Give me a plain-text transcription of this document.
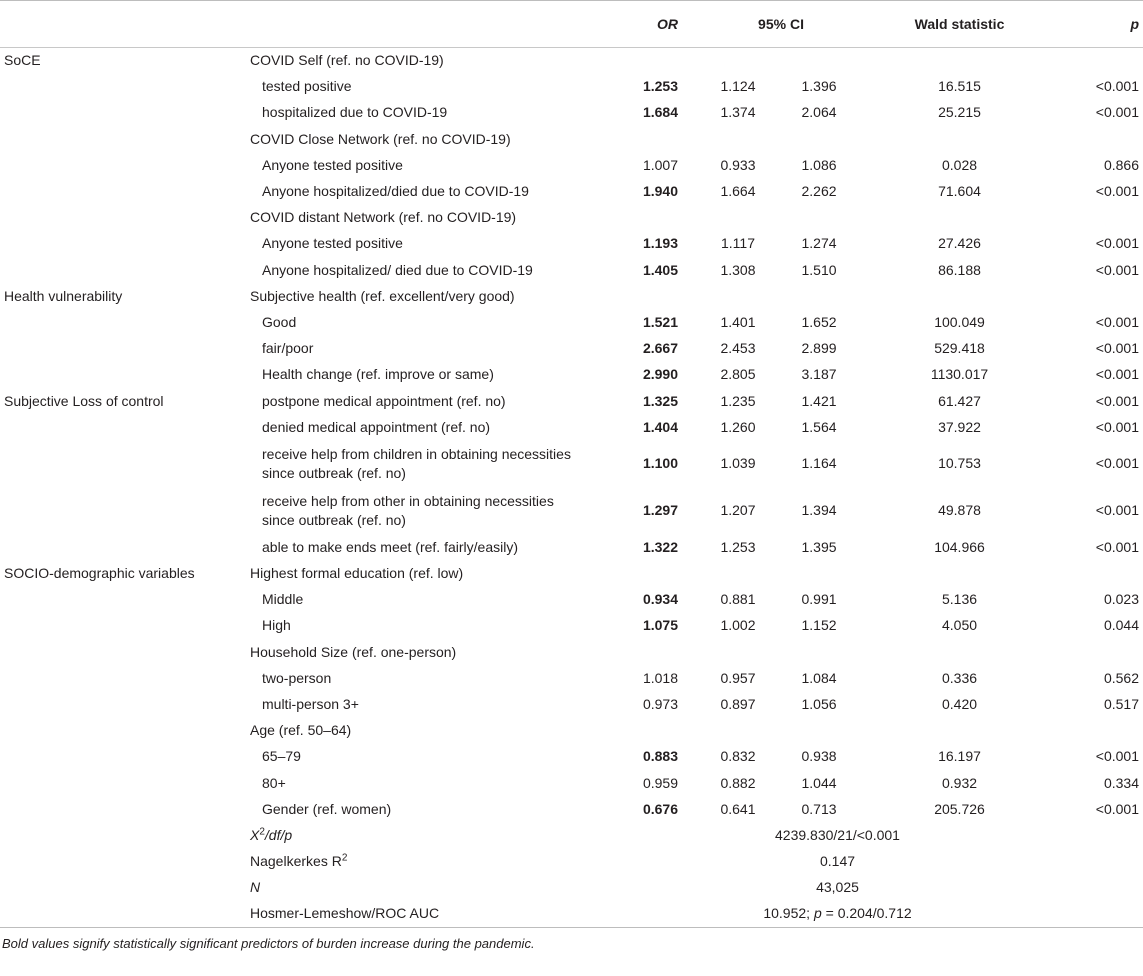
		OR	95% CI		Wald statistic	p
SoCE	COVID Self (ref. no COVID-19)					
	tested positive	1.253	1.124	1.396	16.515	<0.001
	hospitalized due to COVID-19	1.684	1.374	2.064	25.215	<0.001
	COVID Close Network (ref. no COVID-19)					
	Anyone tested positive	1.007	0.933	1.086	0.028	0.866
	Anyone hospitalized/died due to COVID-19	1.940	1.664	2.262	71.604	<0.001
	COVID distant Network (ref. no COVID-19)					
	Anyone tested positive	1.193	1.117	1.274	27.426	<0.001
	Anyone hospitalized/ died due to COVID-19	1.405	1.308	1.510	86.188	<0.001
Health vulnerability	Subjective health (ref. excellent/very good)					
	Good	1.521	1.401	1.652	100.049	<0.001
	fair/poor	2.667	2.453	2.899	529.418	<0.001
	Health change (ref. improve or same)	2.990	2.805	3.187	1130.017	<0.001
Subjective Loss of control	postpone medical appointment (ref. no)	1.325	1.235	1.421	61.427	<0.001
	denied medical appointment (ref. no)	1.404	1.260	1.564	37.922	<0.001
	receive help from children in obtaining necessities since outbreak (ref. no)	1.100	1.039	1.164	10.753	<0.001
	receive help from other in obtaining necessities since outbreak (ref. no)	1.297	1.207	1.394	49.878	<0.001
	able to make ends meet (ref. fairly/easily)	1.322	1.253	1.395	104.966	<0.001
SOCIO-demographic variables	Highest formal education (ref. low)					
	Middle	0.934	0.881	0.991	5.136	0.023
	High	1.075	1.002	1.152	4.050	0.044
	Household Size (ref. one-person)					
	two-person	1.018	0.957	1.084	0.336	0.562
	multi-person 3+	0.973	0.897	1.056	0.420	0.517
	Age (ref. 50–64)					
	65–79	0.883	0.832	0.938	16.197	<0.001
	80+	0.959	0.882	1.044	0.932	0.334
	Gender (ref. women)	0.676	0.641	0.713	205.726	<0.001
	$X^2/df/p$	4239.830/21/<0.001				
	Nagelkerkes $R^2$	0.147				
	N	43,025				
	Hosmer-Lemeshow/ROC AUC	10.952; p = 0.204/0.712				
Bold values signify statistically significant predictors of burden increase during the pandemic.
